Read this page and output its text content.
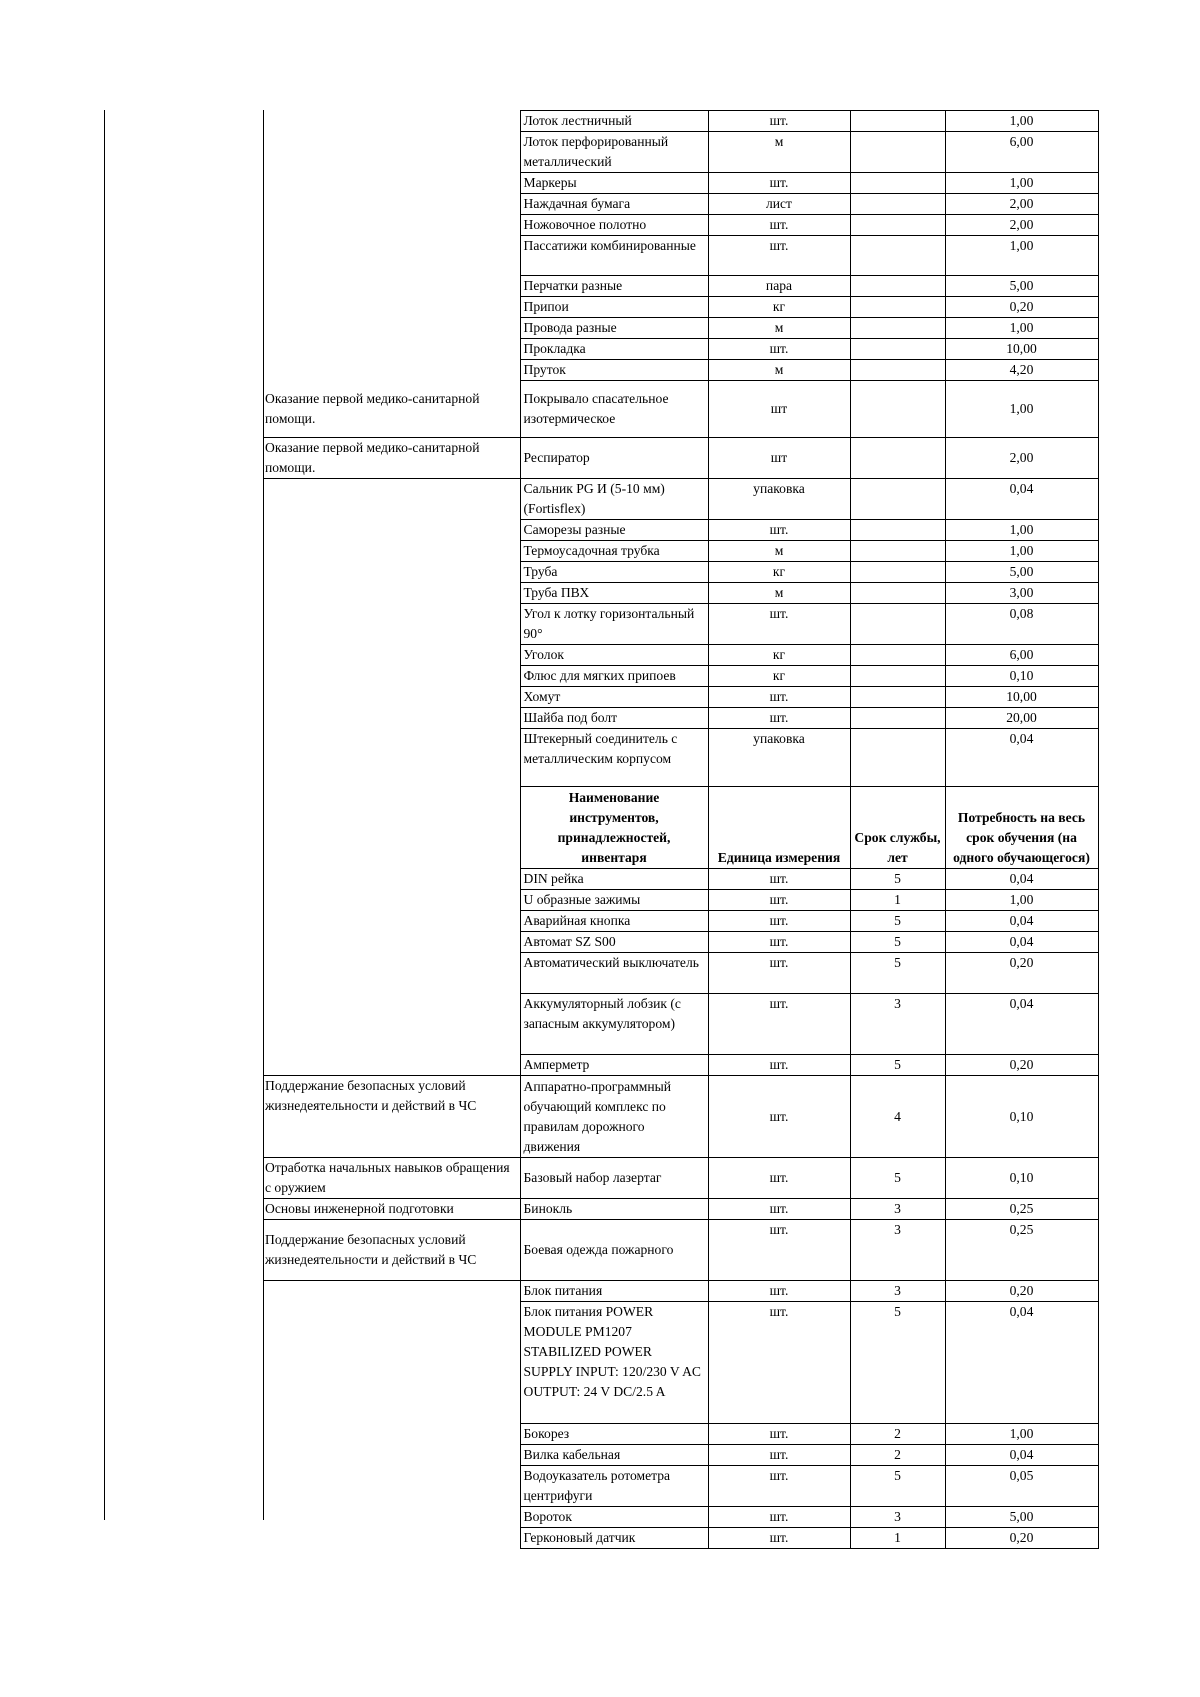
	Лоток лестничный	шт.		1,00
	Лоток перфорированный металлический	м		6,00
	Маркеры	шт.		1,00
	Наждачная бумага	лист		2,00
	Ножовочное полотно	шт.		2,00
	Пассатижи комбинированные	шт.		1,00
	Перчатки разные	пара		5,00
	Припои	кг		0,20
	Провода разные	м		1,00
	Прокладка	шт.		10,00
	Пруток	м		4,20
Оказание первой медико-санитарной помощи.	Покрывало спасательное изотермическое	шт		1,00
Оказание первой медико-санитарной помощи.	Респиратор	шт		2,00
	Сальник PG И (5-10 мм) (Fortisflex)	упаковка		0,04
	Саморезы разные	шт.		1,00
	Термоусадочная трубка	м		1,00
	Труба	кг		5,00
	Труба ПВХ	м		3,00
	Угол к лотку горизонтальный 90°	шт.		0,08
	Уголок	кг		6,00
	Флюс для мягких припоев	кг		0,10
	Хомут	шт.		10,00
	Шайба под болт	шт.		20,00
	Штекерный соединитель с металлическим корпусом	упаковка		0,04
	Наименование инструментов, принадлежностей, инвентаря	Единица измерения	Срок службы, лет	Потребность на весь срок обучения (на одного обучающегося)
	DIN рейка	шт.	5	0,04
	U образные зажимы	шт.	1	1,00
	Аварийная кнопка	шт.	5	0,04
	Автомат SZ S00	шт.	5	0,04
	Автоматический выключатель	шт.	5	0,20
	Аккумуляторный лобзик (с запасным аккумулятором)	шт.	3	0,04
	Амперметр	шт.	5	0,20
Поддержание безопасных условий жизнедеятельности и действий в ЧС	Аппаратно-программный обучающий комплекс по правилам дорожного движения	шт.	4	0,10
Отработка начальных навыков обращения с оружием	Базовый набор лазертаг	шт.	5	0,10
Основы инженерной подготовки	Бинокль	шт.	3	0,25
Поддержание безопасных условий жизнедеятельности и действий в ЧС	Боевая одежда пожарного	шт.	3	0,25
	Блок питания	шт.	3	0,20
	Блок питания POWER MODULE PM1207 STABILIZED POWER SUPPLY INPUT: 120/230 V AC OUTPUT: 24 V DC/2.5 A	шт.	5	0,04
	Бокорез	шт.	2	1,00
	Вилка кабельная	шт.	2	0,04
	Водоуказатель ротометра центрифуги	шт.	5	0,05
	Вороток	шт.	3	5,00
	Герконовый датчик	шт.	1	0,20
